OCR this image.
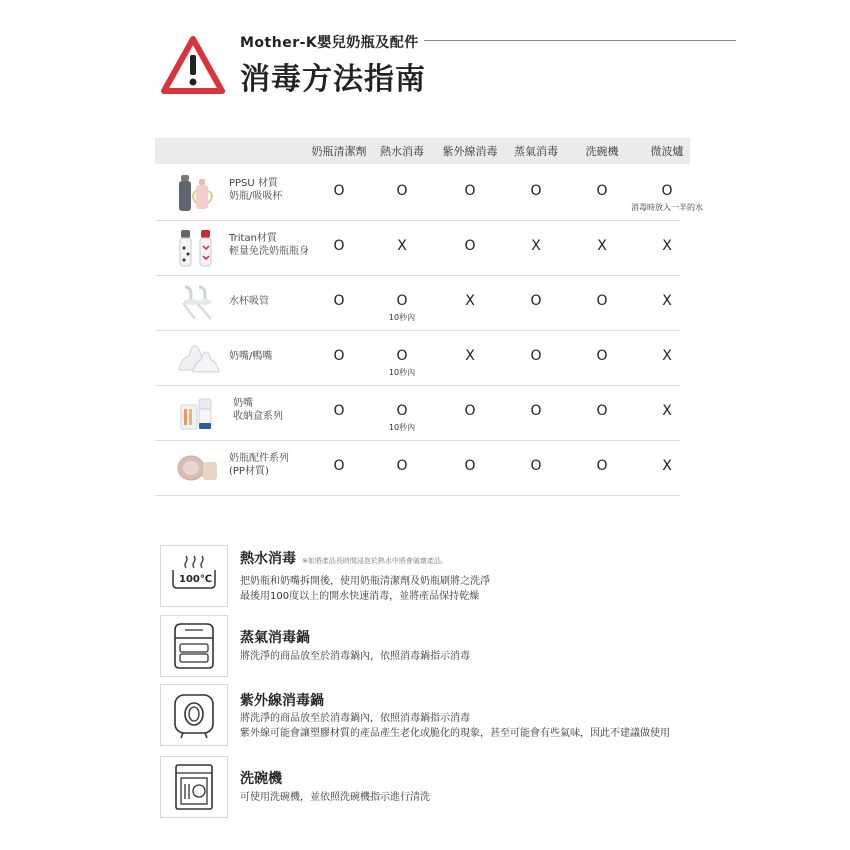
Mother-K嬰兒奶瓶及配件
消毒方法指南
奶瓶清潔劑	熱水消毒	紫外線消毒	蒸氣消毒	洗碗機	微波爐
PPSU 材質
奶瓶/吸吸杯	O	O	O	O	O	O
消毒時放入一半的水
Tritan材質
輕量免洗奶瓶瓶身	O	X	O	X	X	X
水杯吸管	O	O	X	O	O	X
10秒內
奶嘴/鴨嘴	O	O	X	O	O	X
10秒內
奶嘴
收納盒系列	O	O	O	O	O	X
10秒內
奶瓶配件系列
(PP材質)	O	O	O	O	O	X
100℃
熱水消毒 ※如將產品長時間浸泡於熱水中將會破壞產品。
把奶瓶和奶嘴拆開後，使用奶瓶清潔劑及奶瓶刷將之洗淨
最後用100度以上的開水快速消毒，並將產品保持乾燥
蒸氣消毒鍋
將洗淨的商品放至於消毒鍋內，依照消毒鍋指示消毒
紫外線消毒鍋
將洗淨的商品放至於消毒鍋內，依照消毒鍋指示消毒
紫外線可能會讓塑膠材質的產品產生老化或脆化的現象，甚至可能會有些氣味，因此不建議做使用
洗碗機
可使用洗碗機，並依照洗碗機指示進行清洗
